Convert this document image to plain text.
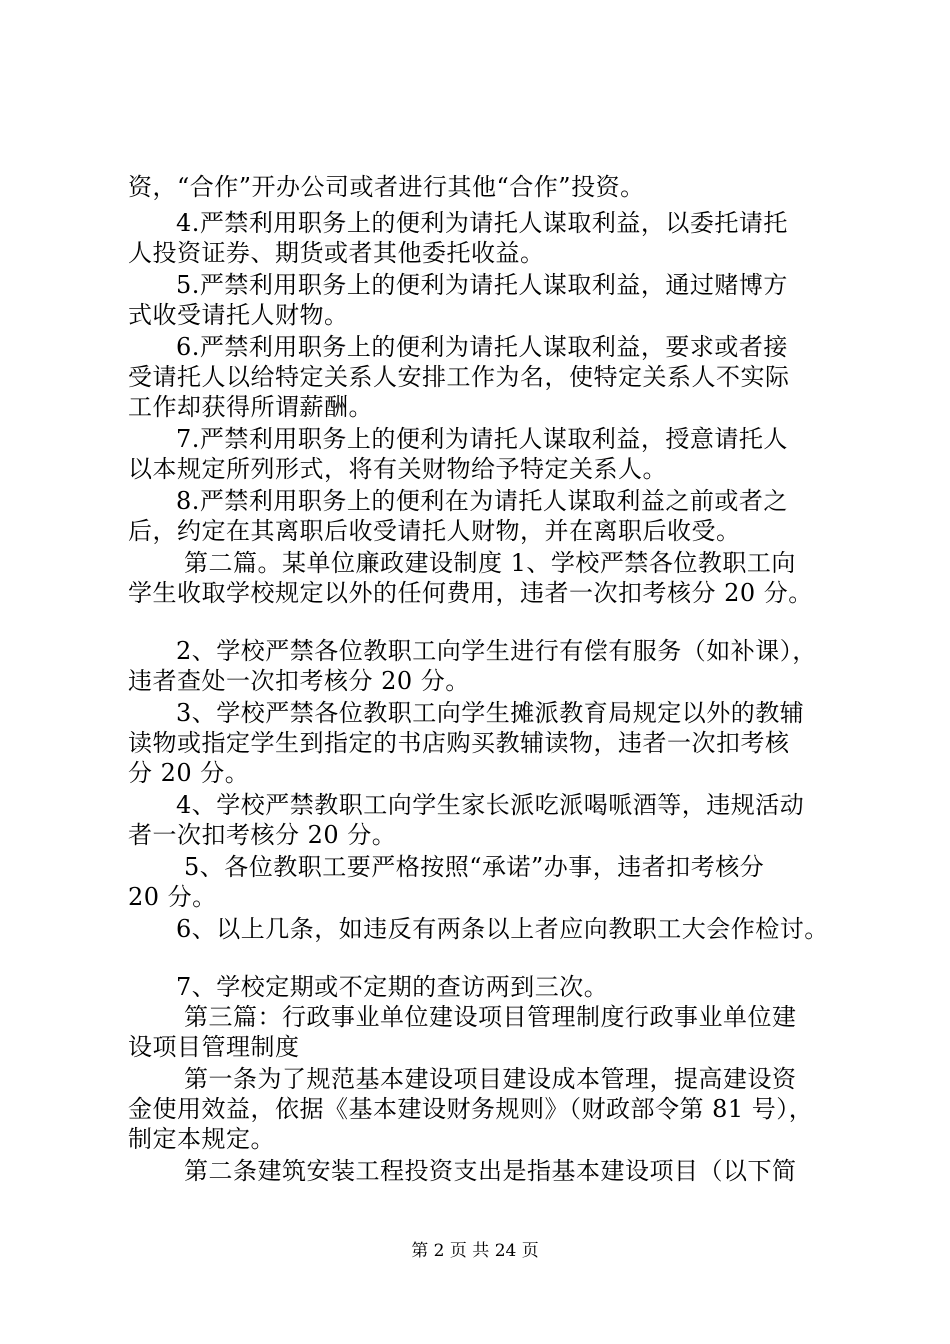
资，“合作”开办公司或者进行其他“合作”投资。
4.严禁利用职务上的便利为请托人谋取利益，以委托请托
人投资证券、期货或者其他委托收益。
5.严禁利用职务上的便利为请托人谋取利益，通过赌博方
式收受请托人财物。
6.严禁利用职务上的便利为请托人谋取利益，要求或者接
受请托人以给特定关系人安排工作为名，使特定关系人不实际
工作却获得所谓薪酬。
7.严禁利用职务上的便利为请托人谋取利益，授意请托人
以本规定所列形式，将有关财物给予特定关系人。
8.严禁利用职务上的便利在为请托人谋取利益之前或者之
后，约定在其离职后收受请托人财物，并在离职后收受。
第二篇。某单位廉政建设制度 1、学校严禁各位教职工向
学生收取学校规定以外的任何费用，违者一次扣考核分 20 分。
2、学校严禁各位教职工向学生进行有偿有服务（如补课），
违者查处一次扣考核分 20 分。
3、学校严禁各位教职工向学生摊派教育局规定以外的教辅
读物或指定学生到指定的书店购买教辅读物，违者一次扣考核
分 20 分。
4、学校严禁教职工向学生家长派吃派喝哌酒等，违规活动
者一次扣考核分 20 分。
5、各位教职工要严格按照“承诺”办事，违者扣考核分
20 分。
6、以上几条，如违反有两条以上者应向教职工大会作检讨。
7、学校定期或不定期的查访两到三次。
第三篇：行政事业单位建设项目管理制度行政事业单位建
设项目管理制度
第一条为了规范基本建设项目建设成本管理，提高建设资
金使用效益，依据《基本建设财务规则》（财政部令第 81 号），
制定本规定。
第二条建筑安装工程投资支出是指基本建设项目（以下简
第 2 页 共 24 页
